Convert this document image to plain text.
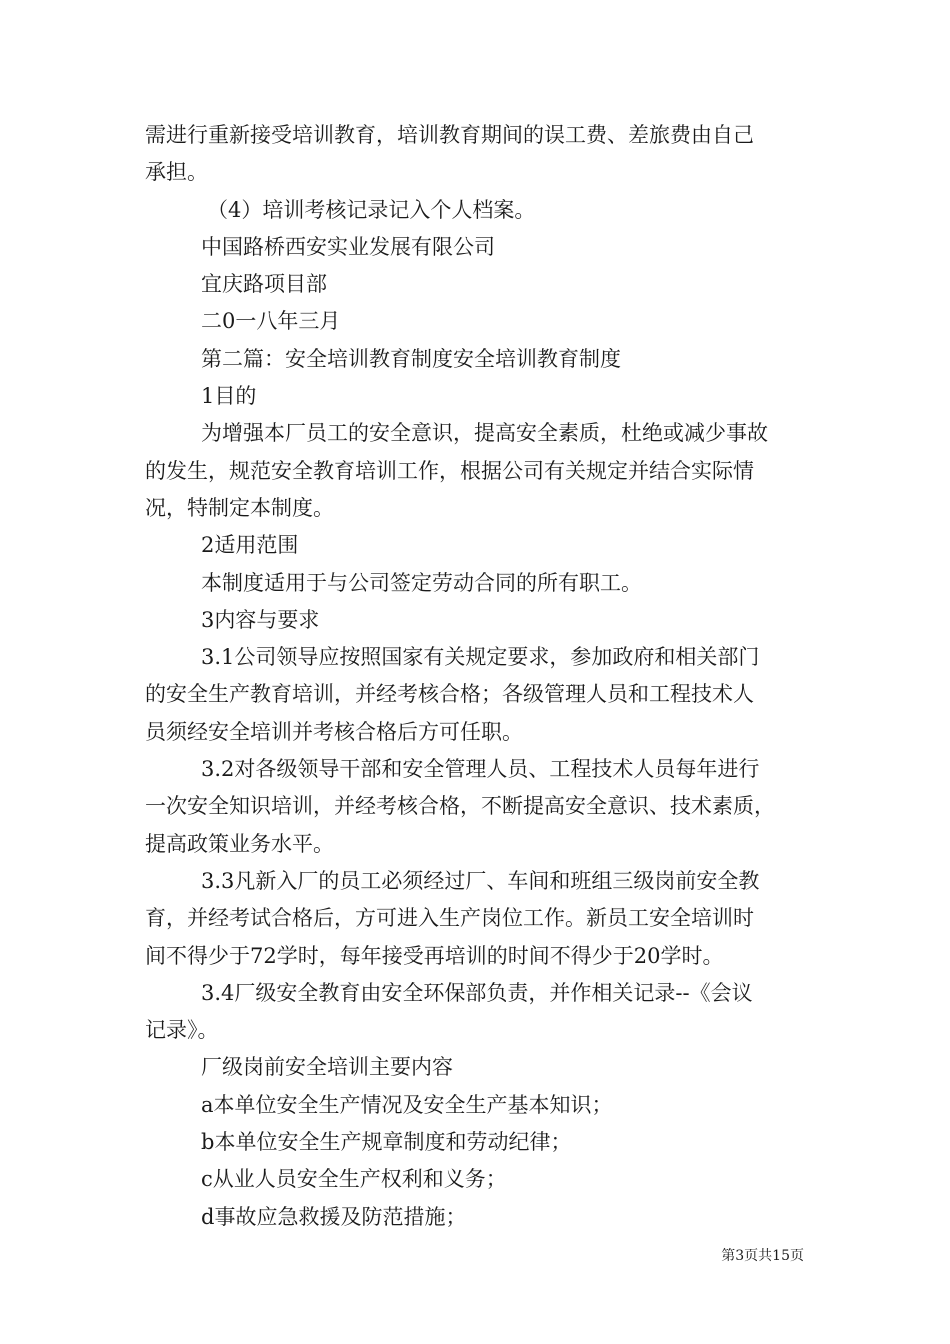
需进行重新接受培训教育，培训教育期间的误工费、差旅费由自己
承担。
（4）培训考核记录记入个人档案。
中国路桥西安实业发展有限公司
宜庆路项目部
二0一八年三月
第二篇：安全培训教育制度安全培训教育制度
1目的
为增强本厂员工的安全意识，提高安全素质，杜绝或减少事故
的发生，规范安全教育培训工作，根据公司有关规定并结合实际情
况，特制定本制度。
2适用范围
本制度适用于与公司签定劳动合同的所有职工。
3内容与要求
3.1公司领导应按照国家有关规定要求，参加政府和相关部门
的安全生产教育培训，并经考核合格；各级管理人员和工程技术人
员须经安全培训并考核合格后方可任职。
3.2对各级领导干部和安全管理人员、工程技术人员每年进行
一次安全知识培训，并经考核合格，不断提高安全意识、技术素质，
提高政策业务水平。
3.3凡新入厂的员工必须经过厂、车间和班组三级岗前安全教
育，并经考试合格后，方可进入生产岗位工作。新员工安全培训时
间不得少于72学时，每年接受再培训的时间不得少于20学时。
3.4厂级安全教育由安全环保部负责，并作相关记录--《会议
记录》。
厂级岗前安全培训主要内容
a本单位安全生产情况及安全生产基本知识；
b本单位安全生产规章制度和劳动纪律；
c从业人员安全生产权利和义务；
d事故应急救援及防范措施；
第3页共15页
